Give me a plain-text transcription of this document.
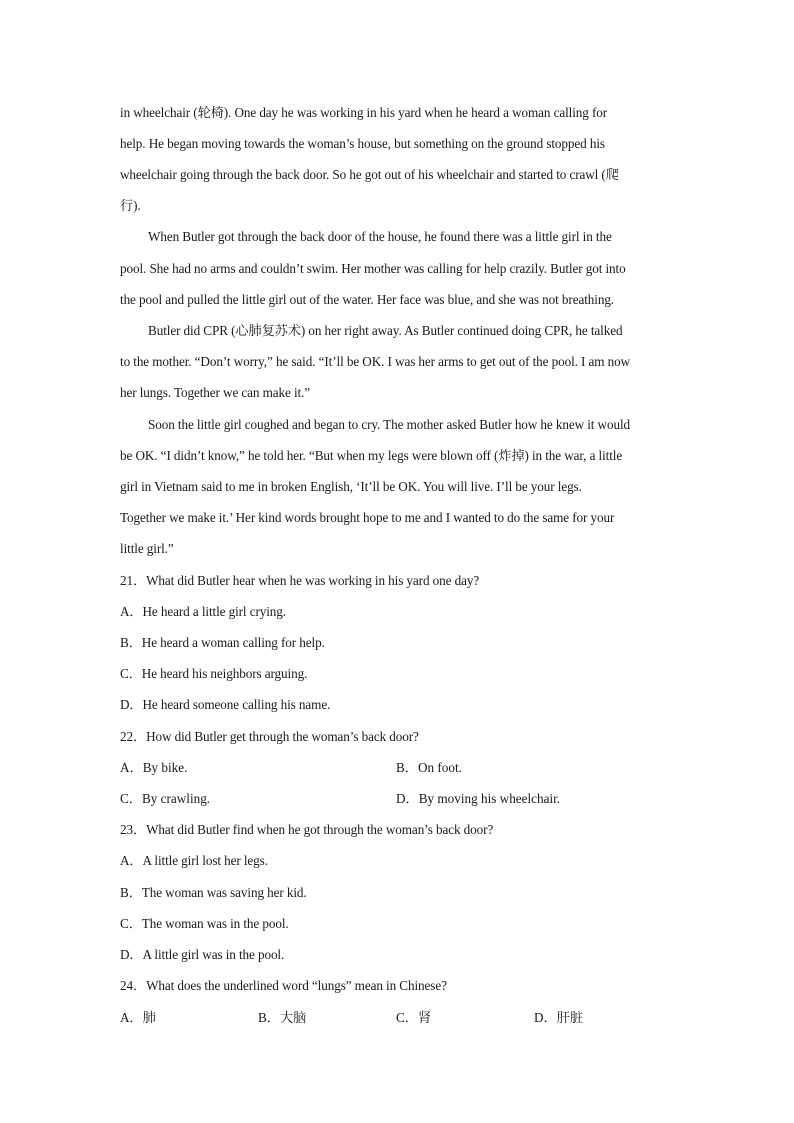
in wheelchair (轮椅). One day he was working in his yard when he heard a woman calling for
help. He began moving towards the woman’s house, but something on the ground stopped his
wheelchair going through the back door. So he got out of his wheelchair and started to crawl (爬
行).
When Butler got through the back door of the house, he found there was a little girl in the
pool. She had no arms and couldn’t swim. Her mother was calling for help crazily. Butler got into
the pool and pulled the little girl out of the water. Her face was blue, and she was not breathing.
Butler did CPR (心肺复苏术) on her right away. As Butler continued doing CPR, he talked
to the mother. “Don’t worry,” he said. “It’ll be OK. I was her arms to get out of the pool. I am now
her lungs. Together we can make it.”
Soon the little girl coughed and began to cry. The mother asked Butler how he knew it would
be OK. “I didn’t know,” he told her. “But when my legs were blown off (炸掉) in the war, a little
girl in Vietnam said to me in broken English, ‘It’ll be OK. You will live. I’ll be your legs.
Together we make it.’ Her kind words brought hope to me and I wanted to do the same for your
little girl.”
21．What did Butler hear when he was working in his yard one day?
A．He heard a little girl crying.
B．He heard a woman calling for help.
C．He heard his neighbors arguing.
D．He heard someone calling his name.
22．How did Butler get through the woman’s back door?
A．By bike.	B．On foot.
C．By crawling.	D．By moving his wheelchair.
23．What did Butler find when he got through the woman’s back door?
A．A little girl lost her legs.
B．The woman was saving her kid.
C．The woman was in the pool.
D．A little girl was in the pool.
24．What does the underlined word “lungs” mean in Chinese?
A．肺	B．大脑	C．肾	D．肝脏
